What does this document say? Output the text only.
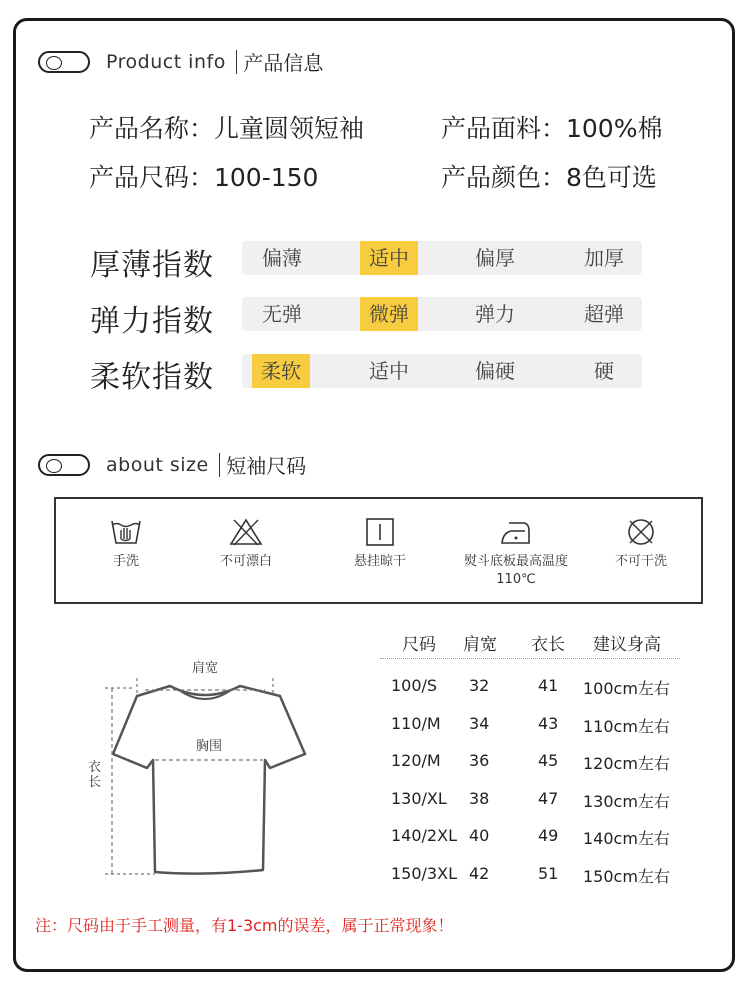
Product info 产品信息
产品名称：儿童圆领短袖	产品面料：100%棉
产品尺码：100-150	产品颜色：8色可选
厚薄指数	偏薄	适中	偏厚	加厚
弹力指数	无弹	微弹	弹力	超弹
柔软指数	柔软	适中	偏硬	硬
about size 短袖尺码
手洗	不可漂白	悬挂晾干	熨斗底板最高温度110℃
不可干洗
肩宽
胸围
衣长
尺码 肩宽 衣长 建议身高
100/S 32	41 100cm左右
110/M 34	43 110cm左右
120/M 36	45 120cm左右
130/XL 38	47 130cm左右
140/2XL 40	49 140cm左右
150/3XL 42	51 150cm左右
注：尺码由于手工测量，有1-3cm的误差，属于正常现象！
